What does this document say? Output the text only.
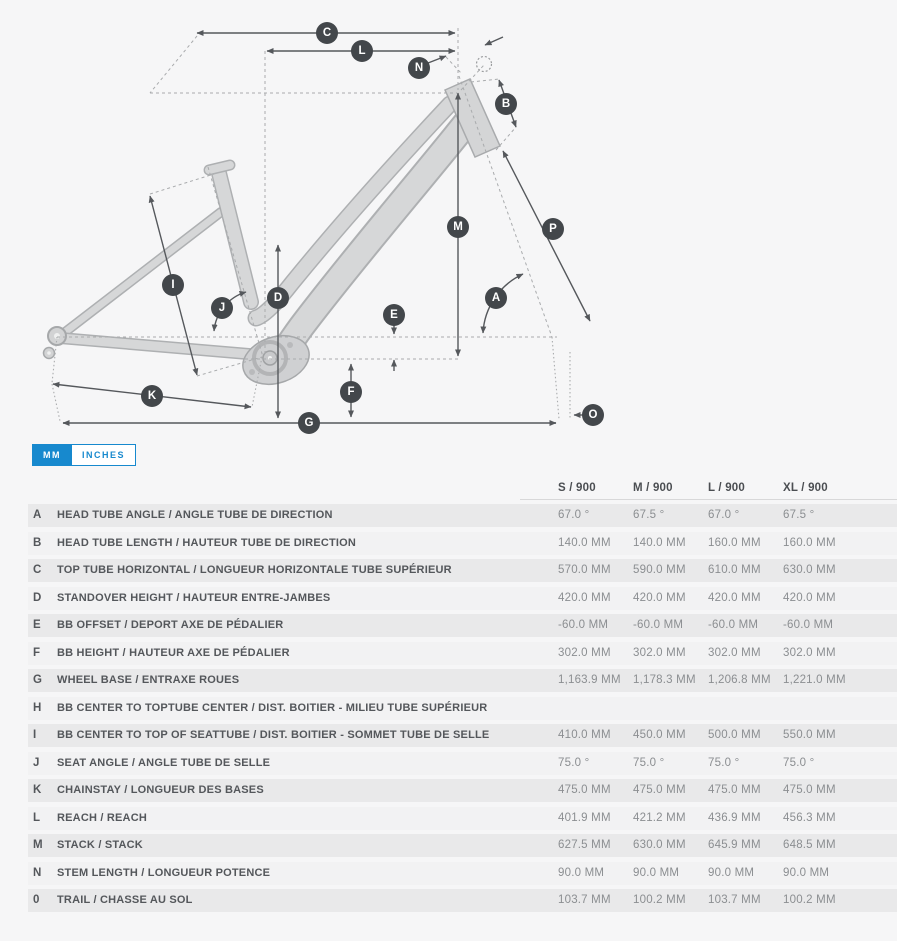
C
L
N
B
M	P
A
I
J
D
E
F
K
G
O
MM	INCHES
S / 900	M / 900	L / 900	XL / 900
A	HEAD TUBE ANGLE / ANGLE TUBE DE DIRECTION	67.0 °	67.5 °	67.0 °	67.5 °
B	HEAD TUBE LENGTH / HAUTEUR TUBE DE DIRECTION	140.0 MM	140.0 MM	160.0 MM	160.0 MM
C	TOP TUBE HORIZONTAL / LONGUEUR HORIZONTALE TUBE SUPÉRIEUR	570.0 MM	590.0 MM	610.0 MM	630.0 MM
D	STANDOVER HEIGHT / HAUTEUR ENTRE-JAMBES	420.0 MM	420.0 MM	420.0 MM	420.0 MM
E	BB OFFSET / DEPORT AXE DE PÉDALIER	-60.0 MM	-60.0 MM	-60.0 MM	-60.0 MM
F	BB HEIGHT / HAUTEUR AXE DE PÉDALIER	302.0 MM	302.0 MM	302.0 MM	302.0 MM
G	WHEEL BASE / ENTRAXE ROUES	1,163.9 MM	1,178.3 MM	1,206.8 MM	1,221.0 MM
H	BB CENTER TO TOPTUBE CENTER / DIST. BOITIER - MILIEU TUBE SUPÉRIEUR
I	BB CENTER TO TOP OF SEATTUBE / DIST. BOITIER - SOMMET TUBE DE SELLE	410.0 MM	450.0 MM	500.0 MM	550.0 MM
J	SEAT ANGLE / ANGLE TUBE DE SELLE	75.0 °	75.0 °	75.0 °	75.0 °
K	CHAINSTAY / LONGUEUR DES BASES	475.0 MM	475.0 MM	475.0 MM	475.0 MM
L	REACH / REACH	401.9 MM	421.2 MM	436.9 MM	456.3 MM
M	STACK / STACK	627.5 MM	630.0 MM	645.9 MM	648.5 MM
N	STEM LENGTH / LONGUEUR POTENCE	90.0 MM	90.0 MM	90.0 MM	90.0 MM
0	TRAIL / CHASSE AU SOL	103.7 MM	100.2 MM	103.7 MM	100.2 MM
